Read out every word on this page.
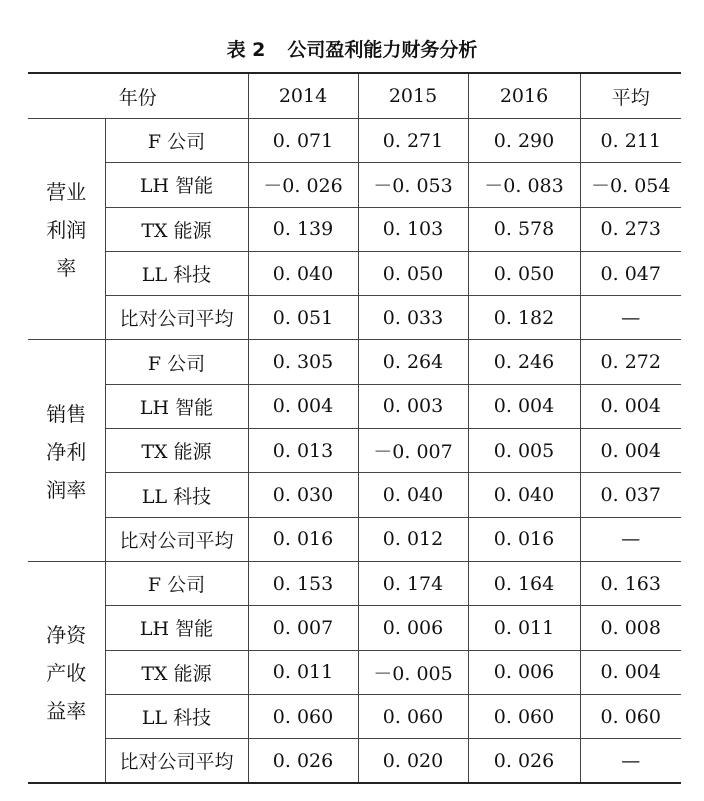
表 2 公司盈利能力财务分析
年份		2014	2015	2016	平均

营业
利润
率	F 公司	0. 071	0. 271	0. 290	0. 211
	LH 智能	－0. 026	－0. 053	－0. 083	－0. 054
	TX 能源	0. 139	0. 103	0. 578	0. 273
	LL 科技	0. 040	0. 050	0. 050	0. 047
	比对公司平均	0. 051	0. 033	0. 182	—

销售
净利
润率	F 公司	0. 305	0. 264	0. 246	0. 272
	LH 智能	0. 004	0. 003	0. 004	0. 004
	TX 能源	0. 013	－0. 007	0. 005	0. 004
	LL 科技	0. 030	0. 040	0. 040	0. 037
	比对公司平均	0. 016	0. 012	0. 016	—

净资
产收
益率	F 公司	0. 153	0. 174	0. 164	0. 163
	LH 智能	0. 007	0. 006	0. 011	0. 008
	TX 能源	0. 011	－0. 005	0. 006	0. 004
	LL 科技	0. 060	0. 060	0. 060	0. 060
	比对公司平均	0. 026	0. 020	0. 026	—
